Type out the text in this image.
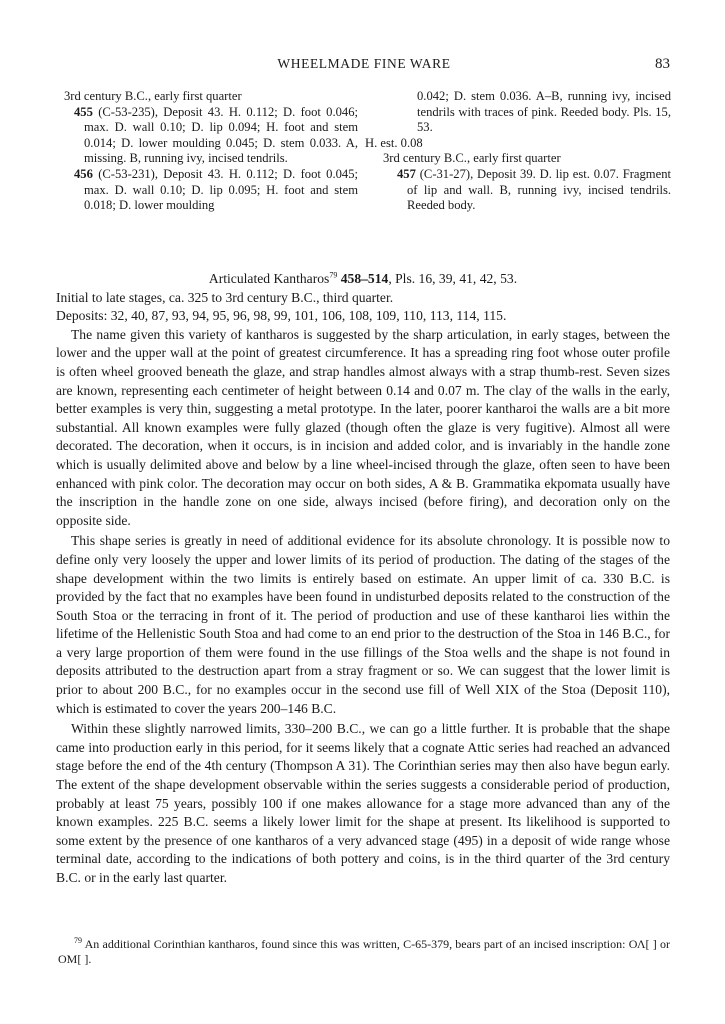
WHEELMADE FINE WARE	83

3rd century B.C., early first quarter

455 (C-53-235), Deposit 43. H. 0.112; D. foot 0.046; max. D. wall 0.10; D. lip 0.094; H. foot and stem 0.014; D. lower moulding 0.045; D. stem 0.033. A, missing. B, running ivy, incised tendrils.

456 (C-53-231), Deposit 43. H. 0.112; D. foot 0.045; max. D. wall 0.10; D. lip 0.095; H. foot and stem 0.018; D. lower moulding

0.042; D. stem 0.036. A–B, running ivy, incised tendrils with traces of pink. Reeded body. Pls. 15, 53.

H. est. 0.08

3rd century B.C., early first quarter

457 (C-31-27), Deposit 39. D. lip est. 0.07. Fragment of lip and wall. B, running ivy, incised tendrils. Reeded body.

Articulated Kantharos$^{79}$ 458–514, Pls. 16, 39, 41, 42, 53.

Initial to late stages, ca. 325 to 3rd century B.C., third quarter.

Deposits: 32, 40, 87, 93, 94, 95, 96, 98, 99, 101, 106, 108, 109, 110, 113, 114, 115.

The name given this variety of kantharos is suggested by the sharp articulation, in early stages, between the lower and the upper wall at the point of greatest circumference. It has a spreading ring foot whose outer profile is often wheel grooved beneath the glaze, and strap handles almost always with a strap thumb-rest. Seven sizes are known, representing each centimeter of height between 0.14 and 0.07 m. The clay of the walls in the early, better examples is very thin, suggesting a metal prototype. In the later, poorer kantharoi the walls are a bit more substantial. All known examples were fully glazed (though often the glaze is very fugitive). Almost all were decorated. The decoration, when it occurs, is in incision and added color, and is invariably in the handle zone which is usually delimited above and below by a line wheel-incised through the glaze, often seen to have been enhanced with pink color. The decoration may occur on both sides, A & B. Grammatika ekpomata usually have the inscription in the handle zone on one side, always incised (before firing), and decoration only on the opposite side.

This shape series is greatly in need of additional evidence for its absolute chronology. It is possible now to define only very loosely the upper and lower limits of its period of production. The dating of the stages of the shape development within the two limits is entirely based on estimate. An upper limit of ca. 330 B.C. is provided by the fact that no examples have been found in undisturbed deposits related to the construction of the South Stoa or the terracing in front of it. The period of production and use of these kantharoi lies within the lifetime of the Hellenistic South Stoa and had come to an end prior to the destruction of the Stoa in 146 B.C., for a very large proportion of them were found in the use fillings of the Stoa wells and the shape is not found in deposits attributed to the destruction apart from a stray fragment or so. We can suggest that the lower limit is prior to about 200 B.C., for no examples occur in the second use fill of Well XIX of the Stoa (Deposit 110), which is estimated to cover the years 200–146 B.C.

Within these slightly narrowed limits, 330–200 B.C., we can go a little further. It is probable that the shape came into production early in this period, for it seems likely that a cognate Attic series had reached an advanced stage before the end of the 4th century (Thompson A 31). The Corinthian series may then also have begun early. The extent of the shape development observable within the series suggests a considerable period of production, probably at least 75 years, possibly 100 if one makes allowance for a stage more advanced than any of the known examples. 225 B.C. seems a likely lower limit for the shape at present. Its likelihood is supported to some extent by the presence of one kantharos of a very advanced stage (495) in a deposit of wide range whose terminal date, according to the indications of both pottery and coins, is in the third quarter of the 3rd century B.C. or in the early last quarter.

$^{79}$ An additional Corinthian kantharos, found since this was written, C-65-379, bears part of an incised inscription: ΟΛ[ ] or ΟΜ[ ].
